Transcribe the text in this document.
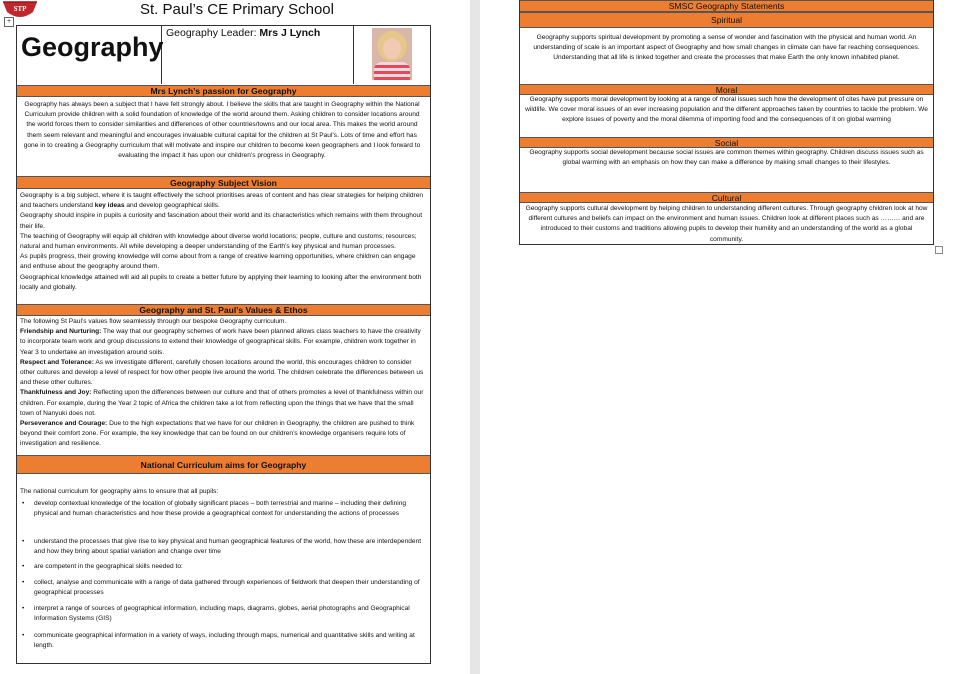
STP	St. Paul’s CE Primary School
+
Geography Geography Leader: Mrs J Lynch
Mrs Lynch’s passion for Geography
Geography has always been a subject that I have felt strongly about. I believe the skills that are taught in Geography within the National Curriculum provide children with a solid foundation of knowledge of the world around them. Asking children to consider locations around the world forces them to consider similarities and differences of other countries/towns and our local area. This makes the world around them seem relevant and meaningful and encourages invaluable cultural capital for the children at St Paul’s. Lots of time and effort has gone in to creating a Geography curriculum that will motivate and inspire our children to become keen geographers and I look forward to evaluating the impact it has upon our children’s progress in Geography.
Geography Subject Vision
Geography is a big subject, where it is taught effectively the school prioritises areas of content and has clear strategies for helping children and teachers understand key ideas and develop geographical skills.
Geography should inspire in pupils a curiosity and fascination about their world and its characteristics which remains with them throughout their life.
The teaching of Geography will equip all children with knowledge about diverse world locations; people, culture and customs; resources; natural and human environments. All while developing a deeper understanding of the Earth’s key physical and human processes.
As pupils progress, their growing knowledge will come about from a range of creative learning opportunities, where children can engage and enthuse about the geography around them.
Geographical knowledge attained will aid all pupils to create a better future by applying their learning to looking after the environment both locally and globally.
Geography and St. Paul’s Values & Ethos
The following St Paul’s values flow seamlessly through our bespoke Geography curriculum.
Friendship and Nurturing: The way that our geography schemes of work have been planned allows class teachers to have the creativity to incorporate team work and group discussions to extend their knowledge of geographical skills. For example, children work together in Year 3 to undertake an investigation around soils.
Respect and Tolerance: As we investigate different, carefully chosen locations around the world, this encourages children to consider other cultures and develop a level of respect for how other people live around the world. The children celebrate the differences between us and these other cultures.
Thankfulness and Joy: Reflecting upon the differences between our culture and that of others promotes a level of thankfulness within our children. For example, during the Year 2 topic of Africa the children take a lot from reflecting upon the things that we have that the small town of Nanyuki does not.
Perseverance and Courage: Due to the high expectations that we have for our children in Geography, the children are pushed to think beyond their comfort zone. For example, the key knowledge that can be found on our children’s knowledge organisers require lots of investigation and resilience.
National Curriculum aims for Geography
The national curriculum for geography aims to ensure that all pupils:
•	develop contextual knowledge of the location of globally significant places – both terrestrial and marine – including their defining physical and human characteristics and how these provide a geographical context for understanding the actions of processes
•	understand the processes that give rise to key physical and human geographical features of the world, how these are interdependent and how they bring about spatial variation and change over time
•	are competent in the geographical skills needed to:
•	collect, analyse and communicate with a range of data gathered through experiences of fieldwork that deepen their understanding of geographical processes
•	interpret a range of sources of geographical information, including maps, diagrams, globes, aerial photographs and Geographical Information Systems (GIS)
•	communicate geographical information in a variety of ways, including through maps, numerical and quantitative skills and writing at length.
SMSC Geography Statements
Spiritual
Geography supports spiritual development by promoting a sense of wonder and fascination with the physical and human world. An understanding of scale is an important aspect of Geography and how small changes in climate can have far reaching consequences. Understanding that all life is linked together and create the processes that make Earth the only known inhabited planet.
Moral
Geography supports moral development by looking at a range of moral issues such how the development of cites have put pressure on wildlife. We cover moral issues of an ever increasing population and the different approaches taken by countries to tackle the problem. We explore issues of poverty and the moral dilemma of importing food and the consequences of it on global warming
Social
Geography supports social development because social issues are common themes within geography. Children discuss issues such as global warming with an emphasis on how they can make a difference by making small changes to their lifestyles.
Cultural
Geography supports cultural development by helping children to understanding different cultures. Through geography children look at how different cultures and beliefs can impact on the environment and human issues. Children look at different places such as ……… and are introduced to their customs and traditions allowing pupils to develop their humility and an understanding of the world as a global community.
